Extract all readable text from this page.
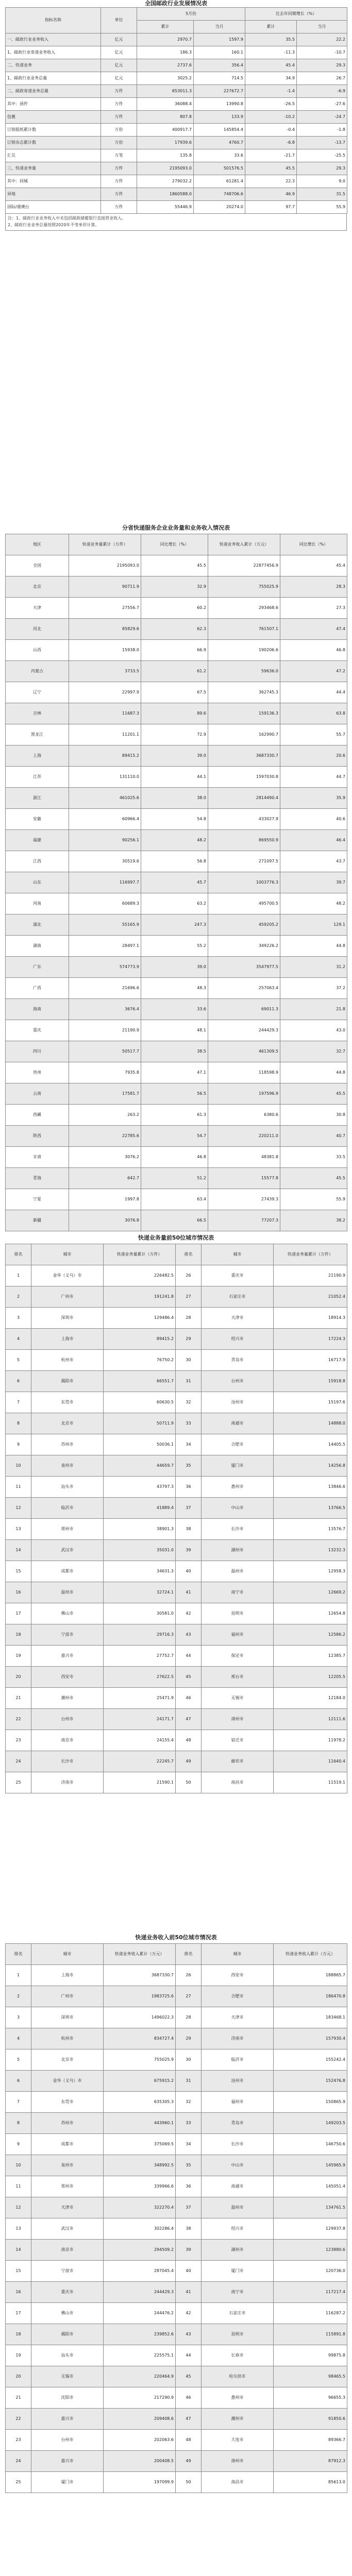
全国邮政行业发展情况表
指标名称	单位	5月份		比去年同期增长（%）	
		累计	当月	累计	当月
一、邮政行业业务收入	亿元	2970.7	1597.9	35.5	22.2
1、邮政行业寄递业务收入	亿元	186.3	160.1	-11.3	-10.7
二、快递业务	亿元	2737.6	356.4	45.4	29.3
1、邮政行业业务总量	亿元	3025.2	714.5	34.9	26.7
二、邮政寄递业务总量	万件	653011.3	227672.7	-1.4	-6.9
其中：函件	万件	36088.4	13990.8	-26.5	-27.6
包裹	万件	807.8	133.9	-10.2	-24.7
订销报纸累计数	万份	400917.7	145854.4	-0.4	-1.8
订销杂志累计数	万份	17939.6	4760.7	-6.8	-13.7
汇兑	万笔	135.8	33.6	-21.7	-25.5
三、快递业务量	万件	2195093.0	501576.5	45.5	29.3
其中：同城	万件	279032.2	61281.4	22.3	9.0
异地	万件	1860588.0	748706.6	46.9	31.5
国际/港澳台	万件	55446.9	20274.0	97.7	55.9
注：1、邮政行业业务收入中未包括邮政储蓄银行直接营业收入。
2、邮政行业业务总量按照2020年不变单价计算。
分省快递服务企业业务量和业务收入情况表
地区	快递业务量累计（万件）	同比增长（%）	快递业务收入累计（万元）	同比增长（%）
全国	2195093.0	45.5	22877456.9	45.4
北京	90711.9	32.9	755025.9	28.3
天津	27556.7	60.2	293468.6	27.3
河北	85829.6	62.3	761507.1	47.4
山西	15938.0	66.9	190206.6	46.8
内蒙古	3733.5	61.2	59636.0	47.2
辽宁	22997.9	67.5	362745.3	44.4
吉林	11687.3	89.6	159136.3	63.8
黑龙江	11201.1	72.9	162990.7	55.7
上海	89415.2	39.0	3687330.7	20.6
江苏	131110.0	44.1	1597030.8	44.7
浙江	461025.6	38.0	2814490.4	35.9
安徽	60966.4	54.8	433027.9	40.6
福建	90256.1	48.2	869550.9	46.4
江西	30519.6	56.8	271097.5	43.7
山东	116997.7	45.7	1003776.3	39.7
河南	60689.3	63.2	495700.5	48.2
湖北	55165.9	247.3	459205.2	129.1
湖南	28497.1	55.2	349226.2	44.8
广东	574773.9	39.0	3547977.5	31.2
广西	21696.6	48.3	257063.4	37.2
海南	3676.4	33.6	69011.3	21.8
重庆	21190.9	48.1	244429.3	43.0
四川	50517.7	38.5	461309.5	32.7
贵州	7935.8	47.1	118598.9	44.8
云南	17581.7	56.5	197596.9	45.5
西藏	263.2	61.3	6380.6	30.8
陕西	22785.6	54.7	220211.0	40.7
甘肃	3076.2	46.8	48381.8	33.5
青海	642.7	51.2	15577.8	45.5
宁夏	1997.8	63.4	27439.3	55.9
新疆	3076.8	66.5	77207.3	38.2
快递业务量前50位城市情况表
排名	城市	快递业务量累计（万件）	排名	城市	快递业务量累计（万件）
1	金华（义乌）市	226482.5	26	重庆市	21190.9
2	广州市	191241.8	27	石家庄市	21052.4
3	深圳市	129486.4	28	天津市	18914.3
4	上海市	89415.2	29	绍兴市	17224.3
5	杭州市	76750.2	30	青岛市	16717.9
6	揭阳市	66551.7	31	台州市	15918.8
7	东莞市	60630.5	32	沧州市	15197.6
8	北京市	50711.9	33	南通市	14888.0
9	苏州市	50036.1	34	合肥市	14405.5
10	泉州市	44659.7	35	厦门市	14256.8
11	汕头市	43797.3	36	惠州市	13846.6
12	临沂市	41889.4	37	中山市	13766.5
13	郑州市	38901.3	38	长沙市	13576.7
14	武汉市	35031.0	39	湖州市	13232.3
15	成都市	34631.3	40	温州市	12958.3
16	温州市	32724.1	41	南宁市	12669.2
17	佛山市	30581.0	42	昆明市	12654.8
18	宁波市	29716.3	43	福州市	12586.2
19	嘉兴市	27752.7	44	保定市	12385.7
20	西安市	27622.5	45	邢台市	12205.5
21	潮州市	25471.9	46	无锡市	12184.0
22	台州市	24171.7	47	漳州市	12111.6
23	南京市	24155.4	48	宿迁市	11978.2
24	长沙市	22245.7	49	廊坊市	11640.4
25	济南市	21590.1	50	南昌市	11519.1
快递业务收入前50位城市情况表
排名	城市	快递业务收入累计（万元）	排名	城市	快递业务收入累计（万元）
1	上海市	3687330.7	26	西安市	188865.7
2	广州市	1983725.6	27	合肥市	186470.8
3	深圳市	1496022.3	28	天津市	183468.1
4	杭州市	834727.4	29	济南市	157930.4
5	北京市	755025.9	30	临沂市	155242.4
6	金华（义乌）市	675915.2	31	沧州市	152476.8
7	东莞市	635305.3	32	福州市	150865.9
8	苏州市	443960.1	33	青岛市	149203.5
9	成都市	375069.5	34	长沙市	146750.6
10	泉州市	348992.5	35	中山市	145965.9
11	郑州市	339966.6	36	南通市	145051.4
12	天津市	322270.4	37	温州市	134761.5
13	武汉市	302286.4	38	绍兴市	129937.8
14	南京市	294509.2	39	湖州市	123880.6
15	宁波市	287045.4	40	厦门市	120736.0
16	重庆市	244429.3	41	南宁市	117217.4
17	佛山市	244476.2	42	石家庄市	116287.2
18	揭阳市	239852.6	43	昆明市	115891.8
19	汕头市	225575.1	44	长春市	99875.8
20	无锡市	220464.9	45	哈尔滨市	98465.5
21	沈阳市	217290.9	46	惠州市	96655.3
22	嘉兴市	209408.6	47	潮州市	91850.6
23	台州市	202063.6	48	大连市	89366.7
24	嘉兴市	200408.5	49	漳州市	87912.3
25	厦门市	197099.9	50	南昌市	85613.0
